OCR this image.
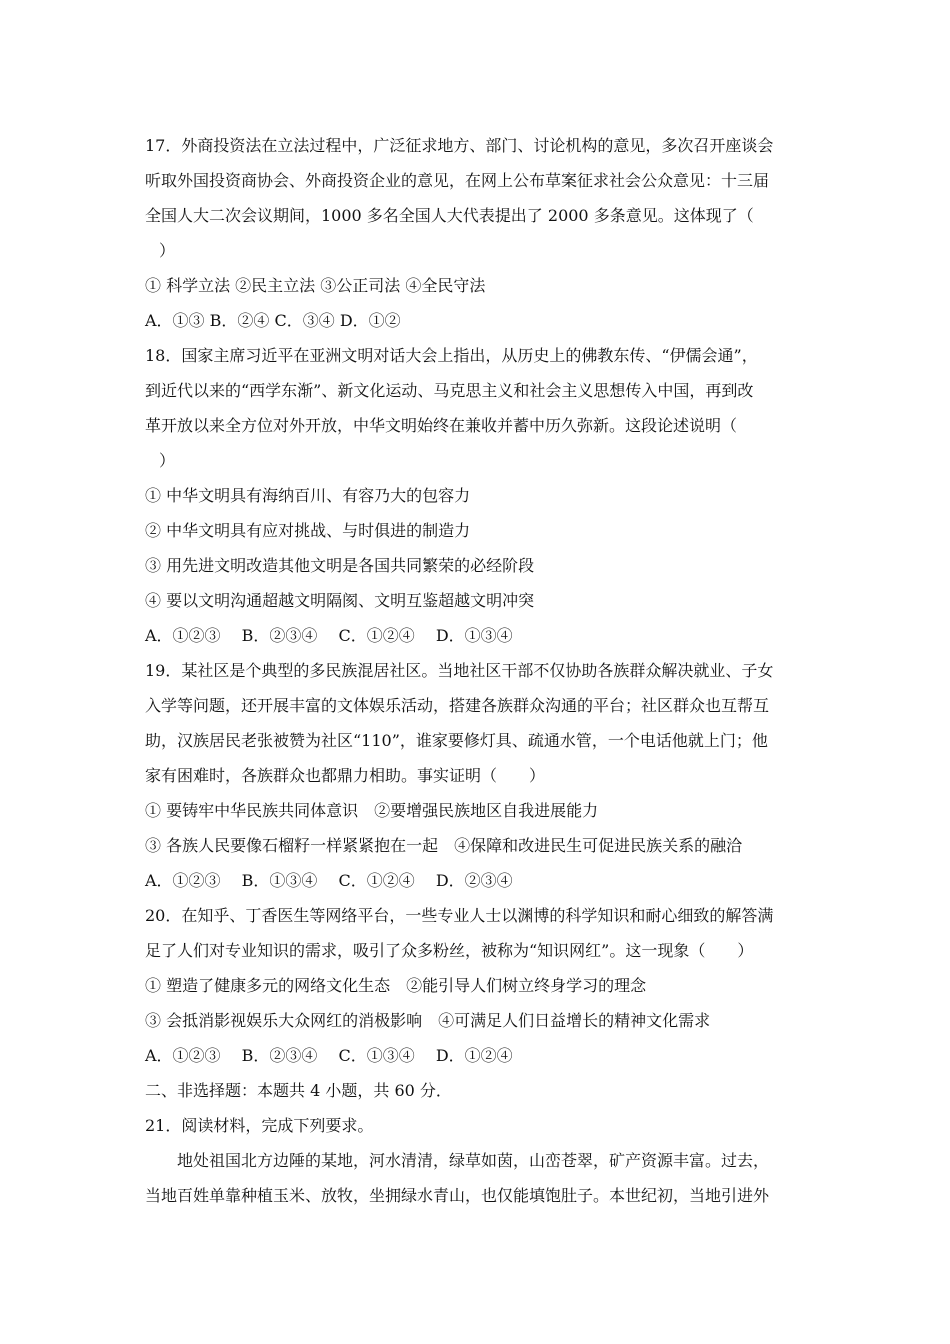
17．外商投资法在立法过程中，广泛征求地方、部门、讨论机构的意见，多次召开座谈会
听取外国投资商协会、外商投资企业的意见，在网上公布草案征求社会公众意见：十三届
全国人大二次会议期间，1000 多名全国人大代表提出了 2000 多条意见。这体现了（
）
① 科学立法 ②民主立法 ③公正司法 ④全民守法
A．①③ B．②④ C．③④ D．①②
18．国家主席习近平在亚洲文明对话大会上指出，从历史上的佛教东传、“伊儒会通”，
到近代以来的“西学东渐”、新文化运动、马克思主义和社会主义思想传入中国，再到改
革开放以来全方位对外开放，中华文明始终在兼收并蓄中历久弥新。这段论述说明（
）
① 中华文明具有海纳百川、有容乃大的包容力
② 中华文明具有应对挑战、与时俱进的制造力
③ 用先进文明改造其他文明是各国共同繁荣的必经阶段
④ 要以文明沟通超越文明隔阂、文明互鉴超越文明冲突
A．①②③　 B．②③④　 C．①②④　 D．①③④
19．某社区是个典型的多民族混居社区。当地社区干部不仅协助各族群众解决就业、子女
入学等问题，还开展丰富的文体娱乐活动，搭建各族群众沟通的平台；社区群众也互帮互
助，汉族居民老张被赞为社区“110”，谁家要修灯具、疏通水管，一个电话他就上门；他
家有困难时，各族群众也都鼎力相助。事实证明（　　）
① 要铸牢中华民族共同体意识　②要增强民族地区自我进展能力
③ 各族人民要像石榴籽一样紧紧抱在一起　④保障和改进民生可促进民族关系的融洽
A．①②③　 B．①③④　 C．①②④　 D．②③④
20．在知乎、丁香医生等网络平台，一些专业人士以渊博的科学知识和耐心细致的解答满
足了人们对专业知识的需求，吸引了众多粉丝，被称为“知识网红”。这一现象（　　）
① 塑造了健康多元的网络文化生态　②能引导人们树立终身学习的理念
③ 会抵消影视娱乐大众网红的消极影响　④可满足人们日益增长的精神文化需求
A．①②③　 B．②③④　 C．①③④　 D．①②④
二、非选择题：本题共 4 小题，共 60 分．
21．阅读材料，完成下列要求。
地处祖国北方边陲的某地，河水清清，绿草如茵，山峦苍翠，矿产资源丰富。过去，
当地百姓单靠种植玉米、放牧，坐拥绿水青山，也仅能填饱肚子。本世纪初，当地引进外
